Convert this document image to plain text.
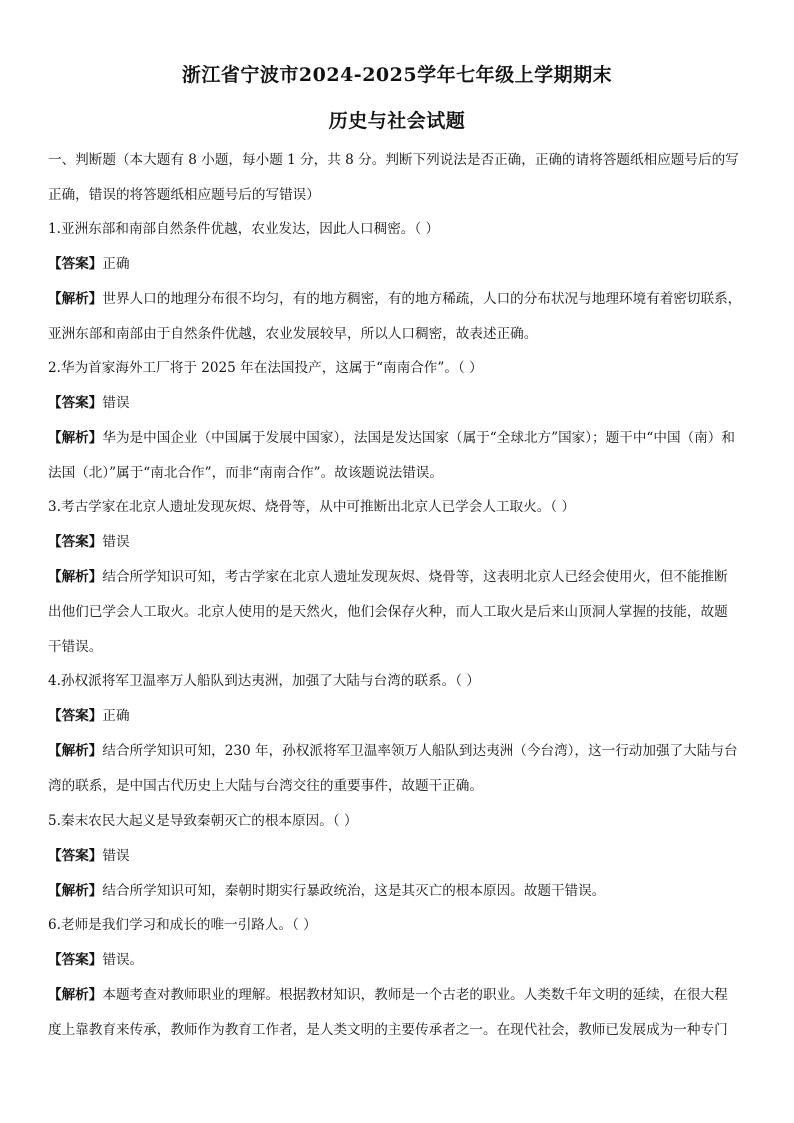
浙江省宁波市2024-2025学年七年级上学期期末
历史与社会试题
一、判断题（本大题有 8 小题，每小题 1 分，共 8 分。判断下列说法是否正确，正确的请将答题纸相应题号后的写
正确，错误的将答题纸相应题号后的写错误）
1.亚洲东部和南部自然条件优越，农业发达，因此人口稠密。（ ）
【答案】正确
【解析】世界人口的地理分布很不均匀，有的地方稠密，有的地方稀疏，人口的分布状况与地理环境有着密切联系，
亚洲东部和南部由于自然条件优越，农业发展较早，所以人口稠密，故表述正确。
2.华为首家海外工厂将于 2025 年在法国投产，这属于“南南合作”。（ ）
【答案】错误
【解析】华为是中国企业（中国属于发展中国家），法国是发达国家（属于“全球北方”国家）；题干中“中国（南）和
法国（北）”属于“南北合作”，而非“南南合作”。故该题说法错误。
3.考古学家在北京人遗址发现灰烬、烧骨等，从中可推断出北京人已学会人工取火。（ ）
【答案】错误
【解析】结合所学知识可知，考古学家在北京人遗址发现灰烬、烧骨等，这表明北京人已经会使用火，但不能推断
出他们已学会人工取火。北京人使用的是天然火，他们会保存火种，而人工取火是后来山顶洞人掌握的技能，故题
干错误。
4.孙权派将军卫温率万人船队到达夷洲，加强了大陆与台湾的联系。（ ）
【答案】正确
【解析】结合所学知识可知，230 年，孙权派将军卫温率领万人船队到达夷洲（今台湾），这一行动加强了大陆与台
湾的联系，是中国古代历史上大陆与台湾交往的重要事件，故题干正确。
5.秦末农民大起义是导致秦朝灭亡的根本原因。（ ）
【答案】错误
【解析】结合所学知识可知，秦朝时期实行暴政统治，这是其灭亡的根本原因。故题干错误。
6.老师是我们学习和成长的唯一引路人。（ ）
【答案】错误。
【解析】本题考查对教师职业的理解。根据教材知识，教师是一个古老的职业。人类数千年文明的延续，在很大程
度上靠教育来传承，教师作为教育工作者，是人类文明的主要传承者之一。在现代社会，教师已发展成为一种专门
